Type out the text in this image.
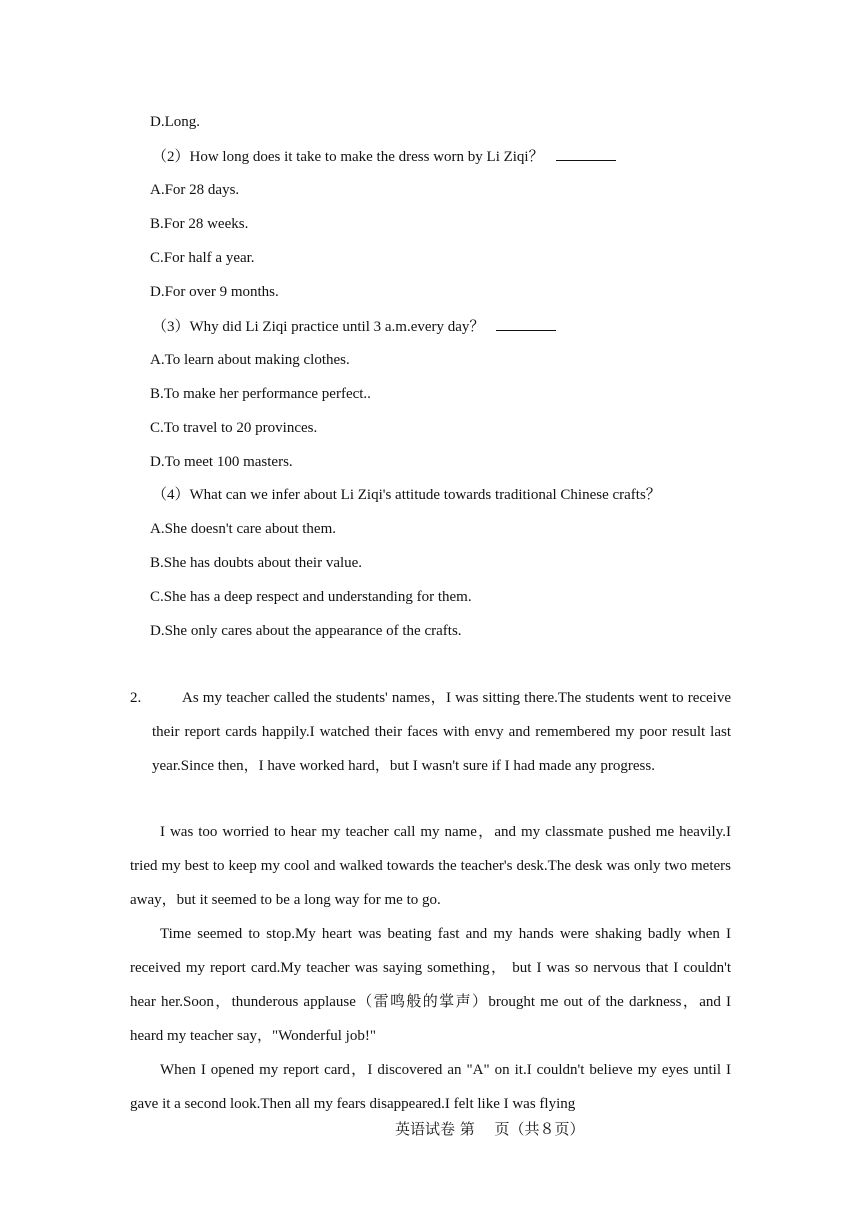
D.Long.
（2）How long does it take to make the dress worn by Li Ziqi？
A.For 28 days.
B.For 28 weeks.
C.For half a year.
D.For over 9 months.
（3）Why did Li Ziqi practice until 3 a.m.every day？
A.To learn about making clothes.
B.To make her performance perfect..
C.To travel to 20 provinces.
D.To meet 100 masters.
（4）What can we infer about Li Ziqi's attitude towards traditional Chinese crafts？
A.She doesn't care about them.
B.She has doubts about their value.
C.She has a deep respect and understanding for them.
D.She only cares about the appearance of the crafts.
2.	As my teacher called the students' names，I was sitting there.The students went to receive their report cards happily.I watched their faces with envy and remembered my poor result last year.Since then，I have worked hard，but I wasn't sure if I had made any progress.
I was too worried to hear my teacher call my name，and my classmate pushed me heavily.I tried my best to keep my cool and walked towards the teacher's desk.The desk was only two meters away，but it seemed to be a long way for me to go.
Time seemed to stop.My heart was beating fast and my hands were shaking badly when I received my report card.My teacher was saying something， but I was so nervous that I couldn't hear her.Soon，thunderous applause（雷鸣般的掌声）brought me out of the darkness，and I heard my teacher say，"Wonderful job!"
When I opened my report card，I discovered an "A" on it.I couldn't believe my eyes until I gave it a second look.Then all my fears disappeared.I felt like I was flying
英语试卷 第　 页（共８页）
